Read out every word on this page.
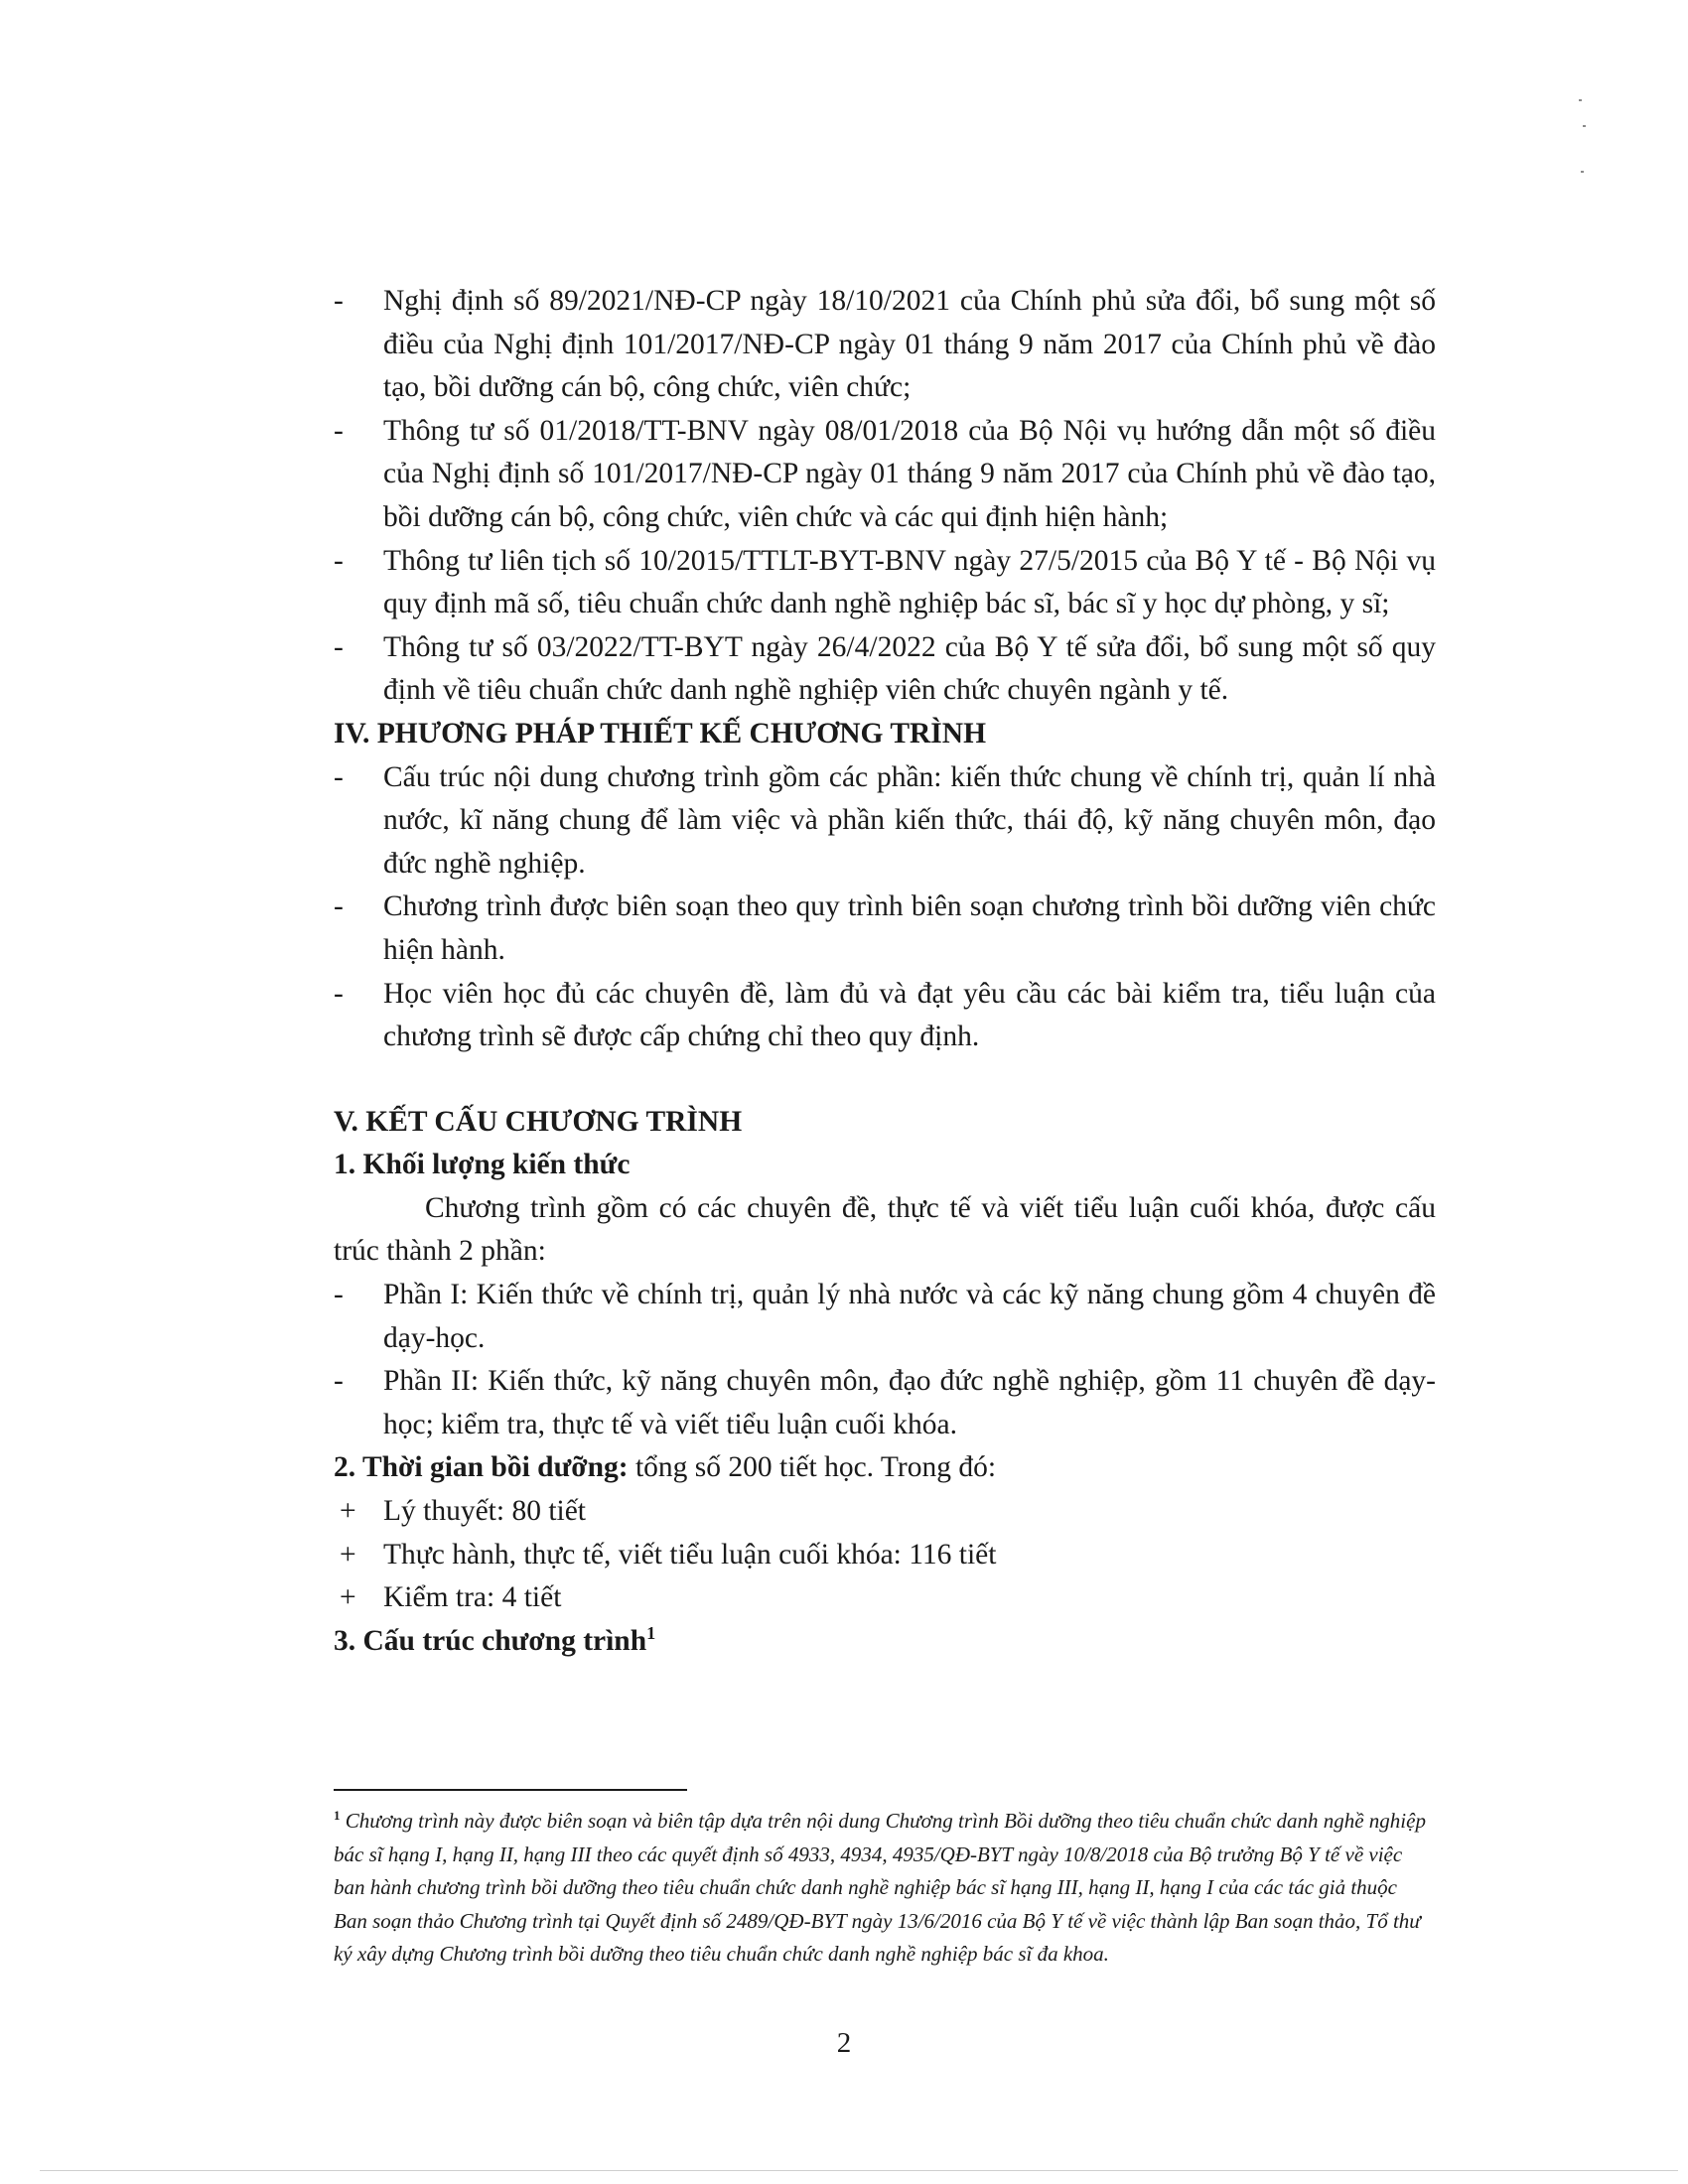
-	Nghị định số 89/2021/NĐ-CP ngày 18/10/2021 của Chính phủ sửa đổi, bổ sung một số điều của Nghị định 101/2017/NĐ-CP ngày 01 tháng 9 năm 2017 của Chính phủ về đào tạo, bồi dưỡng cán bộ, công chức, viên chức;
-	Thông tư số 01/2018/TT-BNV ngày 08/01/2018 của Bộ Nội vụ hướng dẫn một số điều của Nghị định số 101/2017/NĐ-CP ngày 01 tháng 9 năm 2017 của Chính phủ về đào tạo, bồi dưỡng cán bộ, công chức, viên chức và các qui định hiện hành;
-	Thông tư liên tịch số 10/2015/TTLT-BYT-BNV ngày 27/5/2015 của Bộ Y tế - Bộ Nội vụ quy định mã số, tiêu chuẩn chức danh nghề nghiệp bác sĩ, bác sĩ y học dự phòng, y sĩ;
-	Thông tư số 03/2022/TT-BYT ngày 26/4/2022 của Bộ Y tế sửa đổi, bổ sung một số quy định về tiêu chuẩn chức danh nghề nghiệp viên chức chuyên ngành y tế.

IV. PHƯƠNG PHÁP THIẾT KẾ CHƯƠNG TRÌNH

-	Cấu trúc nội dung chương trình gồm các phần: kiến thức chung về chính trị, quản lí nhà nước, kĩ năng chung để làm việc và phần kiến thức, thái độ, kỹ năng chuyên môn, đạo đức nghề nghiệp.
-	Chương trình được biên soạn theo quy trình biên soạn chương trình bồi dưỡng viên chức hiện hành.
-	Học viên học đủ các chuyên đề, làm đủ và đạt yêu cầu các bài kiểm tra, tiểu luận của chương trình sẽ được cấp chứng chỉ theo quy định.

V. KẾT CẤU CHƯƠNG TRÌNH

1. Khối lượng kiến thức

Chương trình gồm có các chuyên đề, thực tế và viết tiểu luận cuối khóa, được cấu trúc thành 2 phần:

-	Phần I: Kiến thức về chính trị, quản lý nhà nước và các kỹ năng chung gồm 4 chuyên đề dạy-học.
-	Phần II: Kiến thức, kỹ năng chuyên môn, đạo đức nghề nghiệp, gồm 11 chuyên đề dạy-học; kiểm tra, thực tế và viết tiểu luận cuối khóa.

2. Thời gian bồi dưỡng: tổng số 200 tiết học. Trong đó:

+ Lý thuyết: 80 tiết
+ Thực hành, thực tế, viết tiểu luận cuối khóa: 116 tiết
+ Kiểm tra: 4 tiết

3. Cấu trúc chương trình$^1$

$^1$ Chương trình này được biên soạn và biên tập dựa trên nội dung Chương trình Bồi dưỡng theo tiêu chuẩn chức danh nghề nghiệp bác sĩ hạng I, hạng II, hạng III theo các quyết định số 4933, 4934, 4935/QĐ-BYT ngày 10/8/2018 của Bộ trưởng Bộ Y tế về việc ban hành chương trình bồi dưỡng theo tiêu chuẩn chức danh nghề nghiệp bác sĩ hạng III, hạng II, hạng I của các tác giả thuộc Ban soạn thảo Chương trình tại Quyết định số 2489/QĐ-BYT ngày 13/6/2016 của Bộ Y tế về việc thành lập Ban soạn thảo, Tổ thư ký xây dựng Chương trình bồi dưỡng theo tiêu chuẩn chức danh nghề nghiệp bác sĩ đa khoa.
2
